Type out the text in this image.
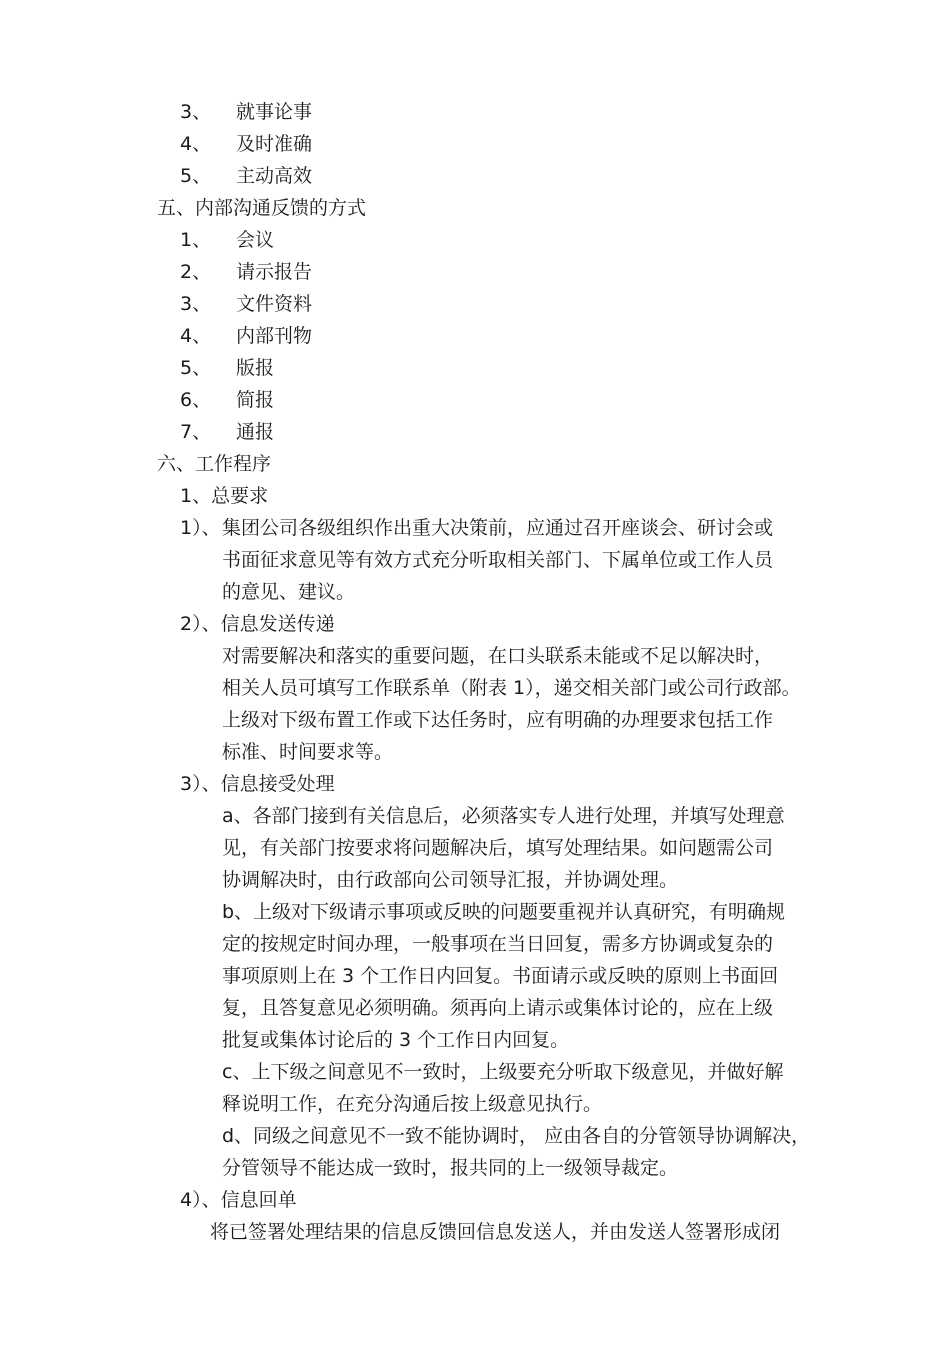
3、 就事论事
4、 及时准确
5、 主动高效
五、内部沟通反馈的方式
1、 会议
2、 请示报告
3、 文件资料
4、 内部刊物
5、 版报
6、 简报
7、 通报
六、工作程序
1、总要求
1）、 集团公司各级组织作出重大决策前，应通过召开座谈会、研讨会或
书面征求意见等有效方式充分听取相关部门、下属单位或工作人员
的意见、建议。
2）、信息发送传递
对需要解决和落实的重要问题，在口头联系未能或不足以解决时，
相关人员可填写工作联系单（附表 1），递交相关部门或公司行政部。
上级对下级布置工作或下达任务时，应有明确的办理要求包括工作
标准、时间要求等。
3）、信息接受处理
a、各部门接到有关信息后，必须落实专人进行处理，并填写处理意
见，有关部门按要求将问题解决后，填写处理结果。如问题需公司
协调解决时，由行政部向公司领导汇报，并协调处理。
b、上级对下级请示事项或反映的问题要重视并认真研究，有明确规
定的按规定时间办理，一般事项在当日回复，需多方协调或复杂的
事项原则上在 3 个工作日内回复。书面请示或反映的原则上书面回
复，且答复意见必须明确。须再向上请示或集体讨论的，应在上级
批复或集体讨论后的 3 个工作日内回复。
c、上下级之间意见不一致时，上级要充分听取下级意见，并做好解
释说明工作，在充分沟通后按上级意见执行。
d、同级之间意见不一致不能协调时， 应由各自的分管领导协调解决，
分管领导不能达成一致时，报共同的上一级领导裁定。
4）、信息回单
将已签署处理结果的信息反馈回信息发送人，并由发送人签署形成闭
